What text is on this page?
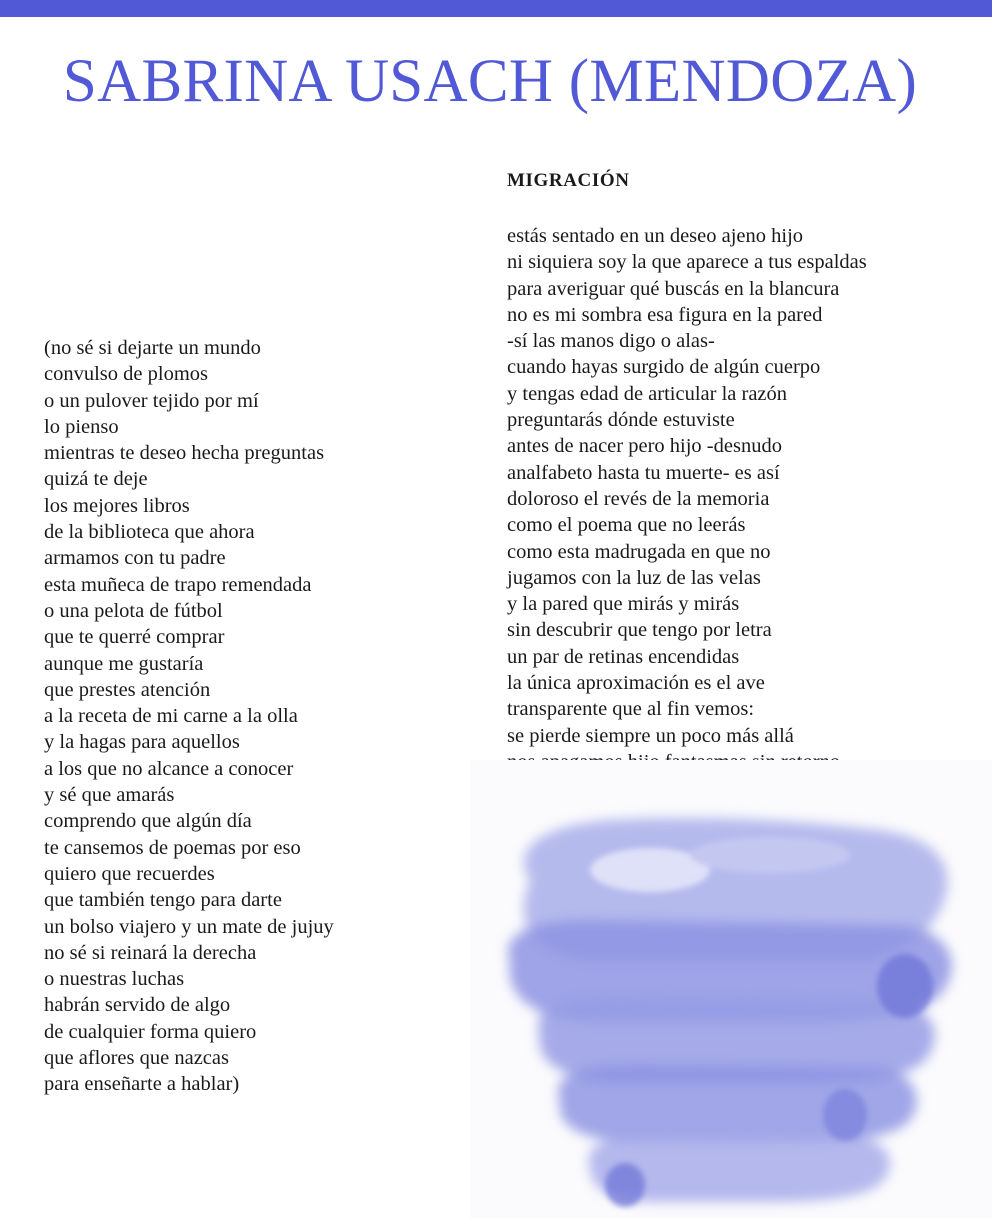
SABRINA USACH (MENDOZA)
(no sé si dejarte un mundo
convulso de plomos
o un pulover tejido por mí
lo pienso
mientras te deseo hecha preguntas
quizá te deje
los mejores libros
de la biblioteca que ahora
armamos con tu padre
esta muñeca de trapo remendada
o una pelota de fútbol
que te querré comprar
aunque me gustaría
que prestes atención
a la receta de mi carne a la olla
y la hagas para aquellos
a los que no alcance a conocer
y sé que amarás
comprendo que algún día
te cansemos de poemas por eso
quiero que recuerdes
que también tengo para darte
un bolso viajero y un mate de jujuy
no sé si reinará la derecha
o nuestras luchas
habrán servido de algo
de cualquier forma quiero
que aflores que nazcas
para enseñarte a hablar)
MIGRACIÓN
estás sentado en un deseo ajeno hijo
ni siquiera soy la que aparece a tus espaldas
para averiguar qué buscás en la blancura
no es mi sombra esa figura en la pared
-sí las manos digo o alas-
cuando hayas surgido de algún cuerpo
y tengas edad de articular la razón
preguntarás dónde estuviste
antes de nacer pero hijo -desnudo
analfabeto hasta tu muerte- es así
doloroso el revés de la memoria
como el poema que no leerás
como esta madrugada en que no
jugamos con la luz de las velas
y la pared que mirás y mirás
sin descubrir que tengo por letra
un par de retinas encendidas
la única aproximación es el ave
transparente que al fin vemos:
se pierde siempre un poco más allá
